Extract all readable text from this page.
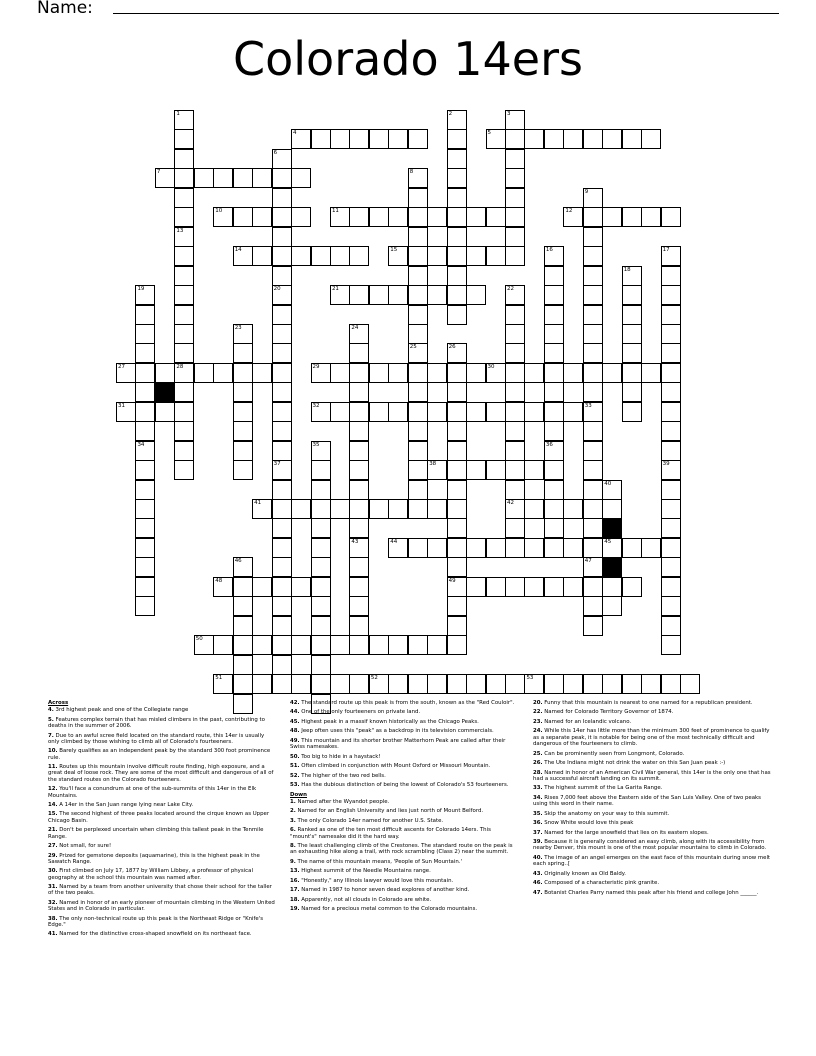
Name:
Colorado 14ers
4	5
7
10	11	12
14	15
21
27	28	29	30
31	32
38
41	42
44	45
48	49
50
51	52	53
1
13
2	3
6
20
8
25
9
33
16
36
17
18
19
34
37
22
23	24
43
26
47
35
39
40
46
Across
4. 3rd highest peak and one of the Collegiate range
5. Features complex terrain that has misled climbers in the past, contributing to deaths in the summer of 2006.
7. Due to an awful scree field located on the standard route, this 14er is usually only climbed by those wishing to climb all of Colorado's fourteeners.
10. Barely qualifies as an independent peak by the standard 300 foot prominence rule.
11. Routes up this mountain involve difficult route finding, high exposure, and a great deal of loose rock. They are some of the most difficult and dangerous of all of the standard routes on the Colorado fourteeners.
12. You'll face a conundrum at one of the sub-summits of this 14er in the Elk Mountains.
14. A 14er in the San Juan range lying near Lake City.
15. The second highest of three peaks located around the cirque known as Upper Chicago Basin.
21. Don't be perplexed uncertain when climbing this tallest peak in the Tenmile Range.
27. Not small, for sure!
29. Prized for gemstone deposits (aquamarine), this is the highest peak in the Sawatch Range.
30. First climbed on July 17, 1877 by William Libbey, a professor of physical geography at the school this mountain was named after.
31. Named by a team from another university that chose their school for the taller of the two peaks.
32. Named in honor of an early pioneer of mountain climbing in the Western United States and in Colorado in particular.
38. The only non-technical route up this peak is the Northeast Ridge or "Knife's Edge."
41. Named for the distinctive cross-shaped snowfield on its northeast face.
42. The standard route up this peak is from the south, known as the "Red Couloir".
44. One of the only fourteeners on private land.
45. Highest peak in a massif known historically as the Chicago Peaks.
48. Jeep often uses this "peak" as a backdrop in its television commercials.
49. This mountain and its shorter brother Matterhorn Peak are called after their Swiss namesakes.
50. Too big to hide in a haystack!
51. Often climbed in conjunction with Mount Oxford or Missouri Mountain.
52. The higher of the two red bells.
53. Has the dubious distinction of being the lowest of Colorado's 53 fourteeners.
Down
1. Named after the Wyandot people.
2. Named for an English University and lies just north of Mount Belford.
3. The only Colorado 14er named for another U.S. State.
6. Ranked as one of the ten most difficult ascents for Colorado 14ers. This "mount's" namesake did it the hard way.
8. The least challenging climb of the Crestones. The standard route on the peak is an exhausting hike along a trail, with rock scrambling (Class 2) near the summit.
9. The name of this mountain means, 'People of Sun Mountain.'
13. Highest summit of the Needle Mountains range.
16. "Honestly," any Illinois lawyer would love this mountain.
17. Named in 1987 to honor seven dead explores of another kind.
18. Apparently, not all clouds in Colorado are white.
19. Named for a precious metal common to the Colorado mountains.
20. Funny that this mountain is nearest to one named for a republican president.
22. Named for Colorado Territory Governor of 1874.
23. Named for an Icelandic volcano.
24. While this 14er has little more than the minimum 300 feet of prominence to qualify as a separate peak, it is notable for being one of the most technically difficult and dangerous of the fourteeners to climb.
25. Can be prominently seen from Longmont, Colorado.
26. The Ute Indians might not drink the water on this San Juan peak :-)
28. Named in honor of an American Civil War general, this 14er is the only one that has had a successful aircraft landing on its summit.
33. The highest summit of the La Garita Range.
34. Rises 7,000 feet above the Eastern side of the San Luis Valley. One of two peaks using this word in their name.
35. Skip the anatomy on your way to this summit.
36. Snow White would love this peak
37. Named for the large snowfield that lies on its eastern slopes.
39. Because it is generally considered an easy climb, along with its accessibility from nearby Denver, this mount is one of the most popular mountains to climb in Colorado.
40. The image of an angel emerges on the east face of this mountain during snow melt each spring..[
43. Originally known as Old Baldy.
46. Composed of a characteristic pink granite.
47. Botanist Charles Parry named this peak after his friend and college John ______.
